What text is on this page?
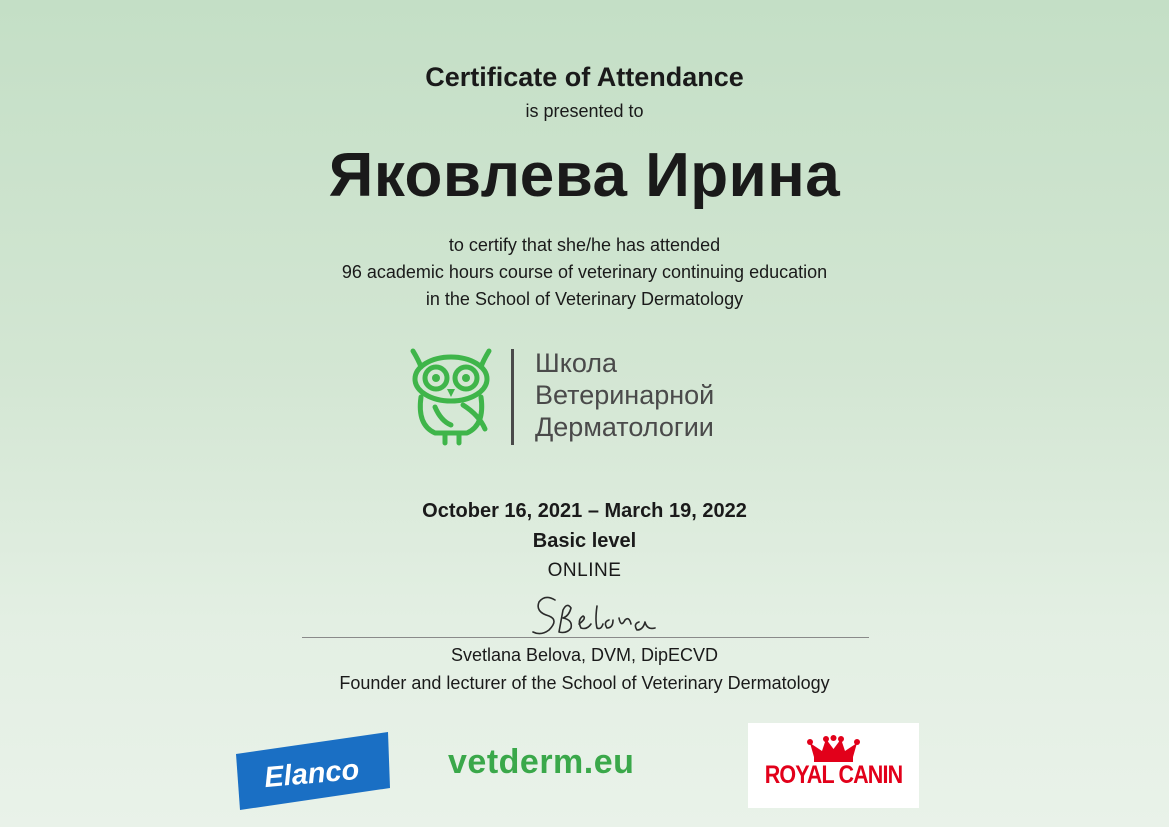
Certificate of Attendance
is presented to
Яковлева Ирина
to certify that she/he has attended
96 academic hours course of veterinary continuing education
in the School of Veterinary Dermatology
Школа
Ветеринарной
Дерматологии
October 16, 2021 – March 19, 2022
Basic level
ONLINE
Svetlana Belova, DVM, DipECVD
Founder and lecturer of the School of Veterinary Dermatology
Elanco	vetderm.eu	ROYAL CANIN
